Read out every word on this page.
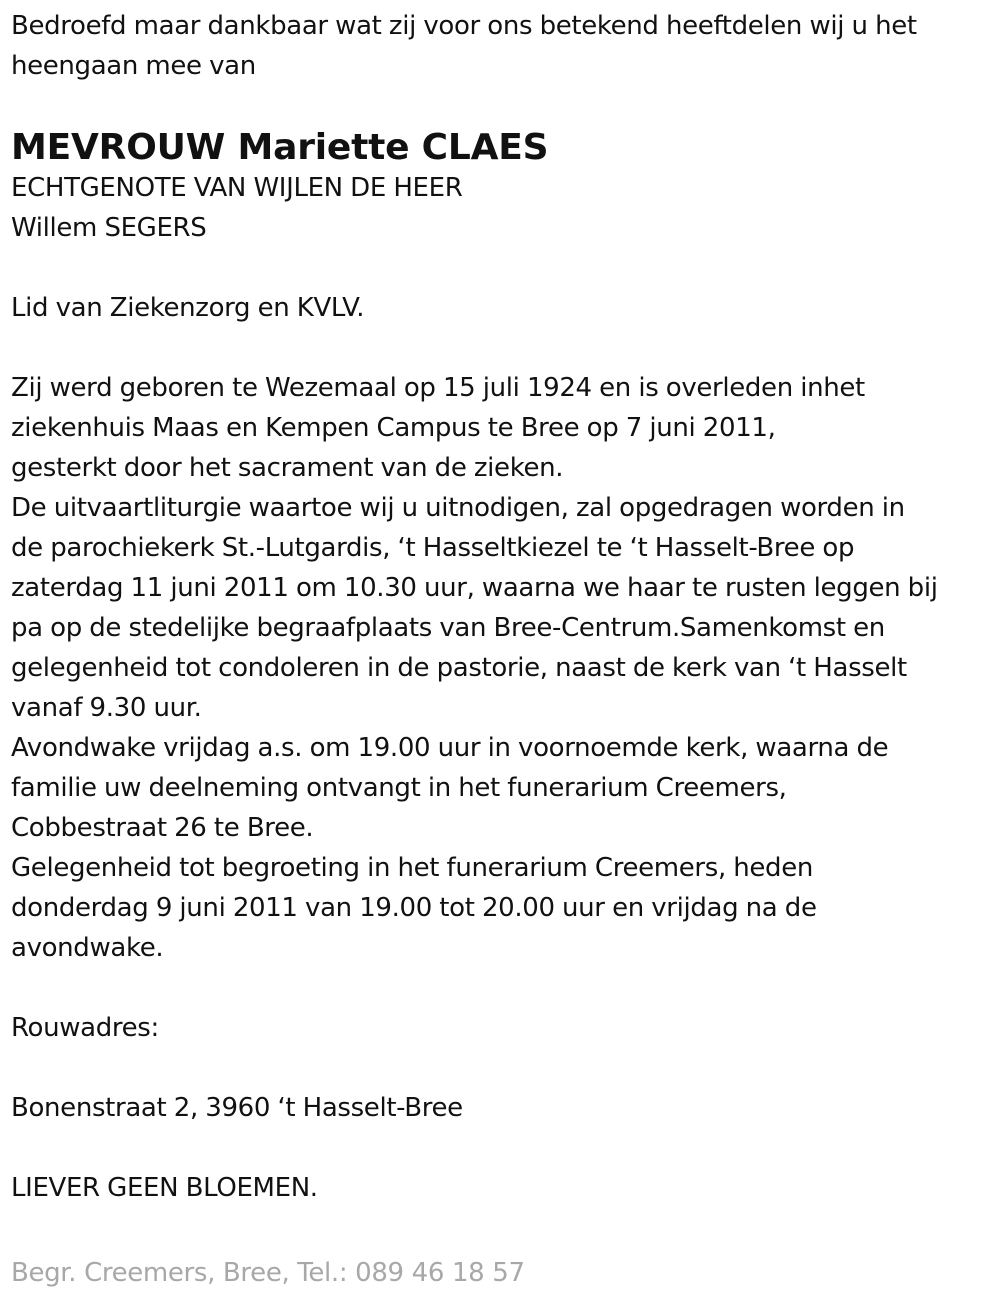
Bedroefd maar dankbaar wat zij voor ons betekend heeftdelen wij u het
heengaan mee van
MEVROUW Mariette CLAES
ECHTGENOTE VAN WIJLEN DE HEER
Willem SEGERS
Lid van Ziekenzorg en KVLV.
Zij werd geboren te Wezemaal op 15 juli 1924 en is overleden inhet
ziekenhuis Maas en Kempen Campus te Bree op 7 juni 2011,
gesterkt door het sacrament van de zieken.
De uitvaartliturgie waartoe wij u uitnodigen, zal opgedragen worden in
de parochiekerk St.-Lutgardis, ‘t Hasseltkiezel te ‘t Hasselt-Bree op
zaterdag 11 juni 2011 om 10.30 uur, waarna we haar te rusten leggen bij
pa op de stedelijke begraafplaats van Bree-Centrum.Samenkomst en
gelegenheid tot condoleren in de pastorie, naast de kerk van ‘t Hasselt
vanaf 9.30 uur.
Avondwake vrijdag a.s. om 19.00 uur in voornoemde kerk, waarna de
familie uw deelneming ontvangt in het funerarium Creemers,
Cobbestraat 26 te Bree.
Gelegenheid tot begroeting in het funerarium Creemers, heden
donderdag 9 juni 2011 van 19.00 tot 20.00 uur en vrijdag na de
avondwake.
Rouwadres:
Bonenstraat 2, 3960 ‘t Hasselt-Bree
LIEVER GEEN BLOEMEN.
Begr. Creemers, Bree, Tel.: 089 46 18 57
